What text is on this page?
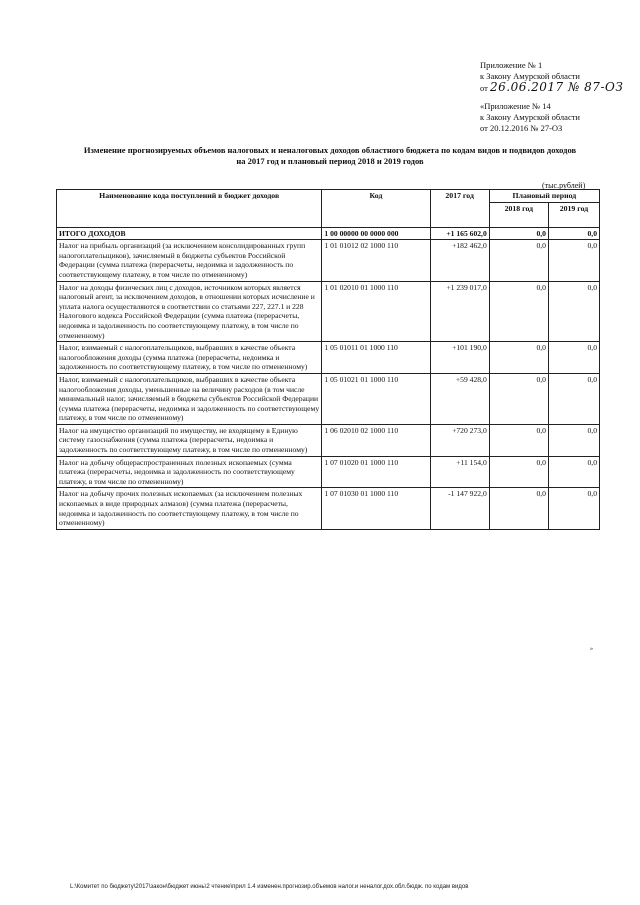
Приложение № 1
к Закону Амурской области
от 26.06.2017 № 87-ОЗ
«Приложение № 14
к Закону Амурской области
от 20.12.2016 № 27-ОЗ
Изменение прогнозируемых объемов налоговых и неналоговых доходов областного бюджета по кодам видов и подвидов доходов
на 2017 год и плановый период 2018 и 2019 годов
(тыс.рублей)
Наименование кода поступлений в бюджет доходов	Код	2017 год	Плановый период	
			2018 год	2019 год
ИТОГО ДОХОДОВ	1 00 00000 00 0000 000	+1 165 602,0	0,0	0,0
Налог на прибыль организаций (за исключением консолидированных групп налогоплательщиков), зачисляемый в бюджеты субъектов Российской Федерации (сумма платежа (перерасчеты, недоимка и задолженность по соответствующему платежу, в том числе по отмененному)	1 01 01012 02 1000 110	+182 462,0	0,0	0,0
Налог на доходы физических лиц с доходов, источником которых является налоговый агент, за исключением доходов, в отношении которых исчисление и уплата налога осуществляются в соответствии со статьями 227, 227.1 и 228 Налогового кодекса Российской Федерации (сумма платежа (перерасчеты, недоимка и задолженность по соответствующему платежу, в том числе по отмененному)	1 01 02010 01 1000 110	+1 239 017,0	0,0	0,0
Налог, взимаемый с налогоплательщиков, выбравших в качестве объекта налогообложения доходы (сумма платежа (перерасчеты, недоимка и задолженность по соответствующему платежу, в том числе по отмененному)	1 05 01011 01 1000 110	+101 190,0	0,0	0,0
Налог, взимаемый с налогоплательщиков, выбравших в качестве объекта налогообложения доходы, уменьшенные на величину расходов (в том числе минимальный налог, зачисляемый в бюджеты субъектов Российской Федерации (сумма платежа (перерасчеты, недоимка и задолженность по соответствующему платежу, в том числе по отмененному)	1 05 01021 01 1000 110	+59 428,0	0,0	0,0
Налог на имущество организаций по имуществу, не входящему в Единую систему газоснабжения (сумма платежа (перерасчеты, недоимка и задолженность по соответствующему платежу, в том числе по отмененному)	1 06 02010 02 1000 110	+720 273,0	0,0	0,0
Налог на добычу общераспространенных полезных ископаемых (сумма платежа (перерасчеты, недоимка и задолженность по соответствующему платежу, в том числе по отмененному)	1 07 01020 01 1000 110	+11 154,0	0,0	0,0
Налог на добычу прочих полезных ископаемых (за исключением полезных ископаемых в виде природных алмазов) (сумма платежа (перерасчеты, недоимка и задолженность по соответствующему платежу, в том числе по отмененному)	1 07 01030 01 1000 110	-1 147 922,0	0,0	0,0
»
L:\Комитет по бюджету\2017\закон\бюджет июнь\2 чтение\прил 1.4 изменен.прогнозир.объемов налог.и неналог.дох.обл.бюдж. по кодам видов
